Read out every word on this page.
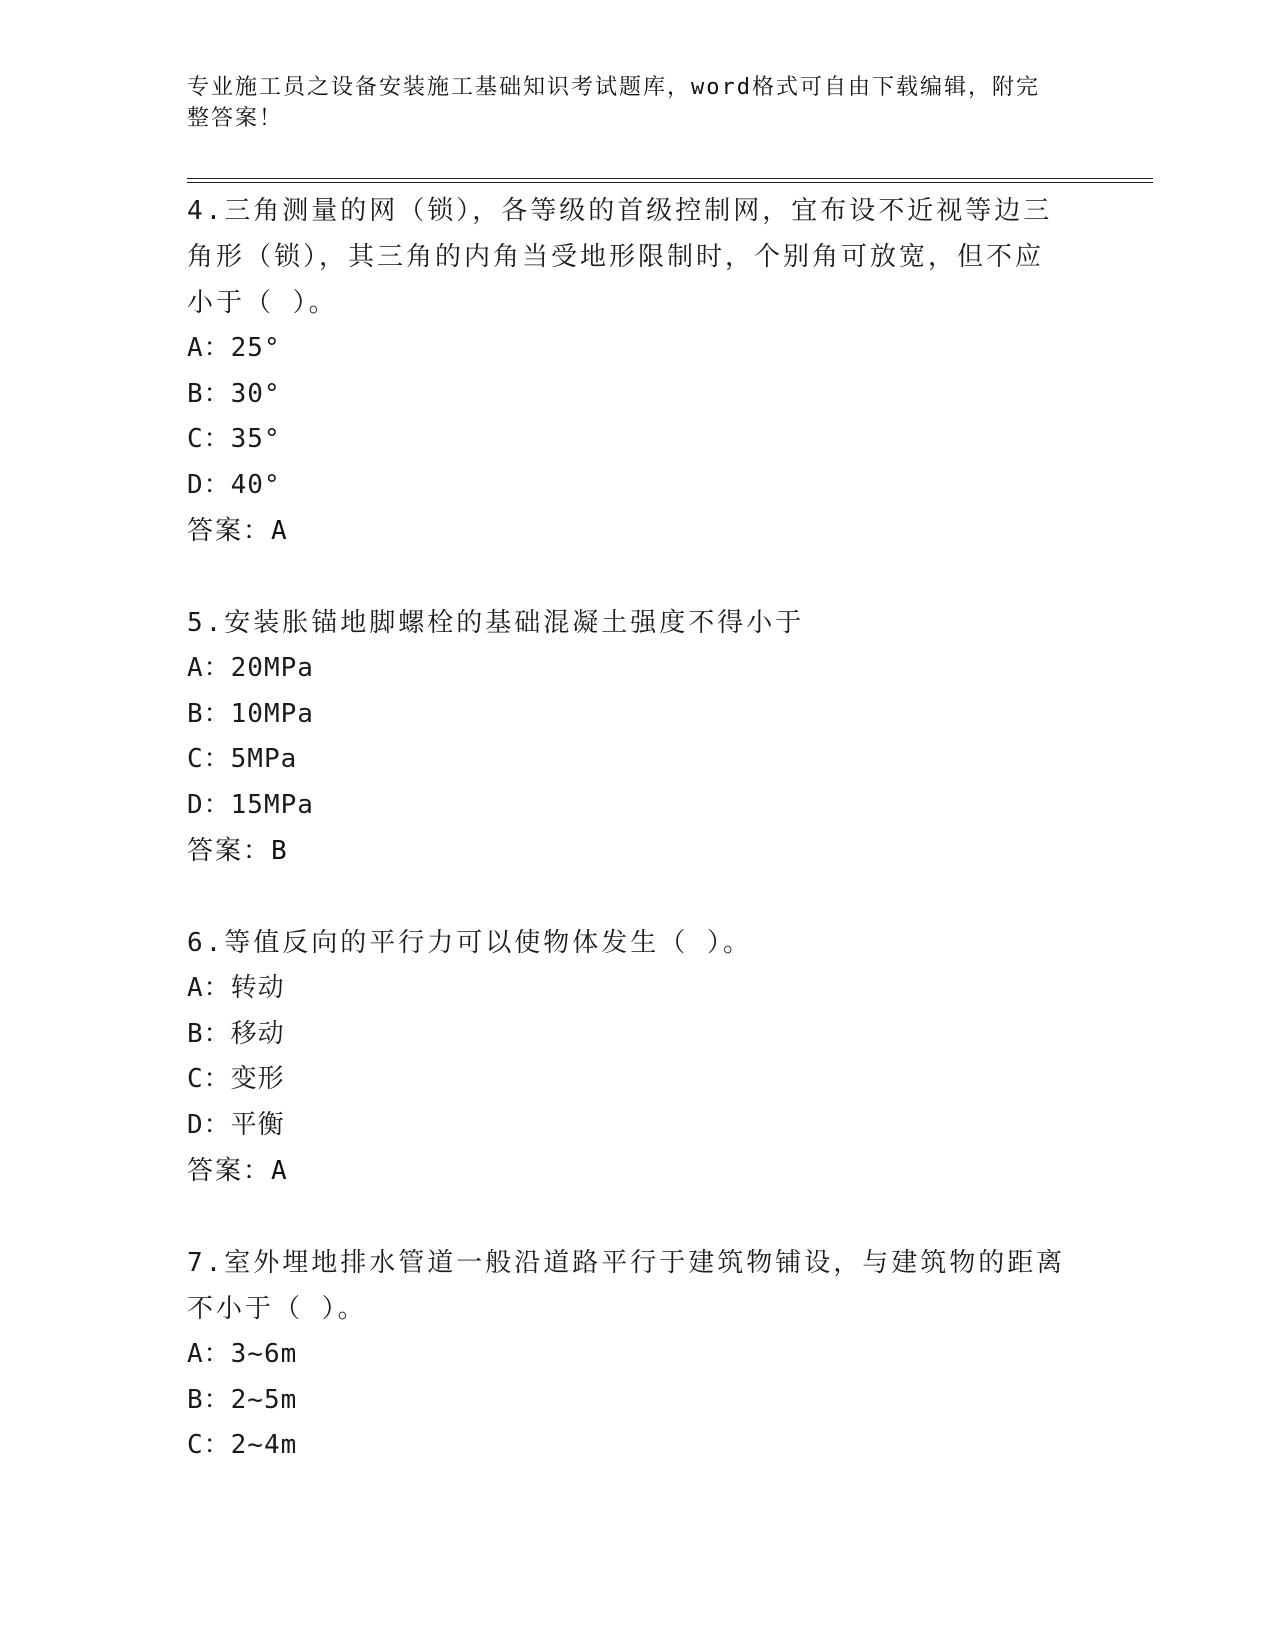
专业施工员之设备安装施工基础知识考试题库，word格式可自由下载编辑，附完
整答案！

4.三角测量的网（锁），各等级的首级控制网，宜布设不近视等边三

角形（锁），其三角的内角当受地形限制时，个别角可放宽，但不应

小于（ ）。

A：25°

B：30°

C：35°

D：40°

答案：A

5.安装胀锚地脚螺栓的基础混凝土强度不得小于

A：20MPa

B：10MPa

C：5MPa

D：15MPa

答案：B

6.等值反向的平行力可以使物体发生（ ）。

A：转动

B：移动

C：变形

D：平衡

答案：A

7.室外埋地排水管道一般沿道路平行于建筑物铺设，与建筑物的距离

不小于（ ）。

A：3~6m

B：2~5m

C：2~4m
